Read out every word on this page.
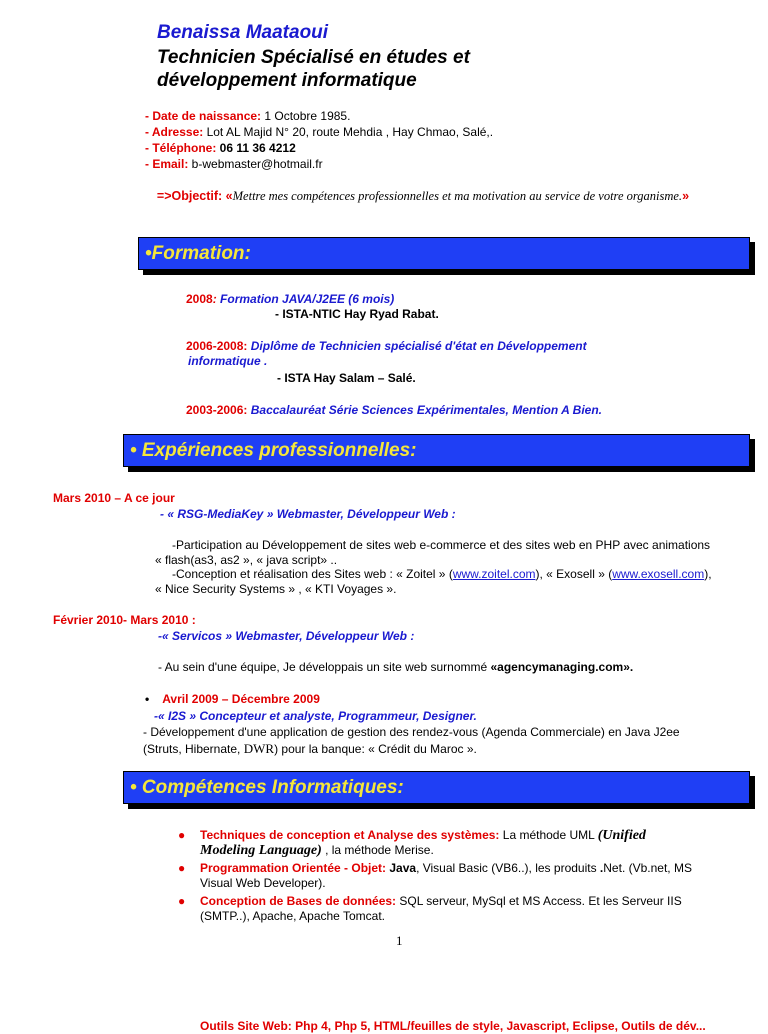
Benaissa Maataoui
Technicien Spécialisé en études et
développement informatique
- Date de naissance: 1 Octobre 1985.
- Adresse: Lot AL Majid N° 20, route Mehdia , Hay Chmao, Salé,.
- Téléphone: 06 11 36 4212
- Email: b-webmaster@hotmail.fr
=>Objectif: «Mettre mes compétences professionnelles et ma motivation au service de votre organisme.»
•Formation:
2008: Formation JAVA/J2EE (6 mois)
- ISTA-NTIC Hay Ryad Rabat.
2006-2008: Diplôme de Technicien spécialisé d'état en Développement
informatique .
- ISTA Hay Salam – Salé.
2003-2006: Baccalauréat Série Sciences Expérimentales, Mention A Bien.
• Expériences professionnelles:
Mars 2010 – A ce jour
- « RSG-MediaKey » Webmaster, Développeur Web :
-Participation au Développement de sites web e-commerce et des sites web en PHP avec animations
« flash(as3, as2 », « java script» ..
-Conception et réalisation des Sites web : « Zoitel » (www.zoitel.com), « Exosell » (www.exosell.com),
« Nice Security Systems » , « KTI Voyages ».
Février 2010- Mars 2010 :
-« Servicos » Webmaster, Développeur Web :
- Au sein d'une équipe, Je développais un site web surnommé «agencymanaging.com».
• Avril 2009 – Décembre 2009
-« I2S » Concepteur et analyste, Programmeur, Designer.
- Développement d'une application de gestion des rendez-vous (Agenda Commerciale) en Java J2ee
(Struts, Hibernate, DWR) pour la banque: « Crédit du Maroc ».
• Compétences Informatiques:
● Techniques de conception et Analyse des systèmes: La méthode UML (Unified
Modeling Language) , la méthode Merise.
● Programmation Orientée - Objet: Java, Visual Basic (VB6..), les produits .Net. (Vb.net, MS
Visual Web Developer).
● Conception de Bases de données: SQL serveur, MySql et MS Access. Et les Serveur IIS
(SMTP..), Apache, Apache Tomcat.
1
Outils Site Web: Php 4, Php 5, HTML/feuilles de style, Javascript, Eclipse, Outils de dév...
